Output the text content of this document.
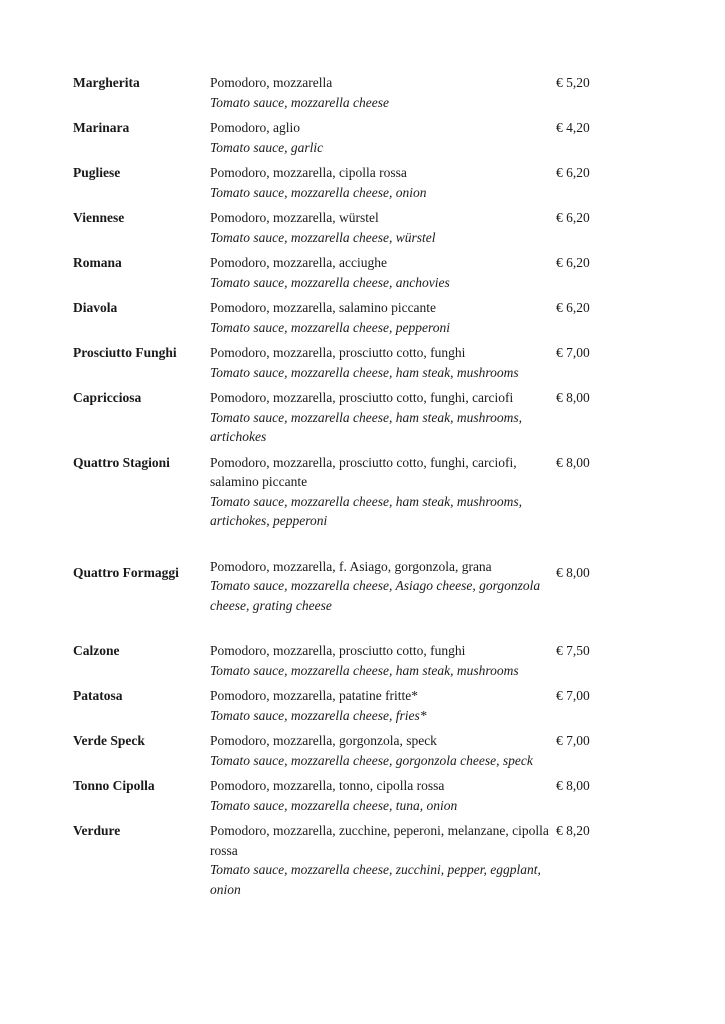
Margherita	Pomodoro, mozzarella
Tomato sauce, mozzarella cheese
€ 5,20
Marinara	Pomodoro, aglio
Tomato sauce, garlic
€ 4,20
Pugliese	Pomodoro, mozzarella, cipolla rossa
Tomato sauce, mozzarella cheese, onion
€ 6,20
Viennese	Pomodoro, mozzarella, würstel
Tomato sauce, mozzarella cheese, würstel
€ 6,20
Romana	Pomodoro, mozzarella, acciughe
Tomato sauce, mozzarella cheese, anchovies
€ 6,20
Diavola	Pomodoro, mozzarella, salamino piccante
Tomato sauce, mozzarella cheese, pepperoni
€ 6,20
Prosciutto Funghi	Pomodoro, mozzarella, prosciutto cotto, funghi
Tomato sauce, mozzarella cheese, ham steak, mushrooms
€ 7,00
Capricciosa	Pomodoro, mozzarella, prosciutto cotto, funghi, carciofi
Tomato sauce, mozzarella cheese, ham steak, mushrooms, artichokes
€ 8,00
Quattro Stagioni	Pomodoro, mozzarella, prosciutto cotto, funghi, carciofi, salamino piccante
Tomato sauce, mozzarella cheese, ham steak, mushrooms, artichokes, pepperoni
€ 8,00
Quattro Formaggi	Pomodoro, mozzarella, f. Asiago, gorgonzola, grana
Tomato sauce, mozzarella cheese, Asiago cheese, gorgonzola cheese, grating cheese
€ 8,00
Calzone	Pomodoro, mozzarella, prosciutto cotto, funghi
Tomato sauce, mozzarella cheese, ham steak, mushrooms
€ 7,50
Patatosa	Pomodoro, mozzarella, patatine fritte*
Tomato sauce, mozzarella cheese, fries*
€ 7,00
Verde Speck	Pomodoro, mozzarella, gorgonzola, speck
Tomato sauce, mozzarella cheese, gorgonzola cheese, speck
€ 7,00
Tonno Cipolla	Pomodoro, mozzarella, tonno, cipolla rossa
Tomato sauce, mozzarella cheese, tuna, onion
€ 8,00
Verdure	Pomodoro, mozzarella, zucchine, peperoni, melanzane, cipolla rossa
Tomato sauce, mozzarella cheese, zucchini, pepper, eggplant, onion
€ 8,20
